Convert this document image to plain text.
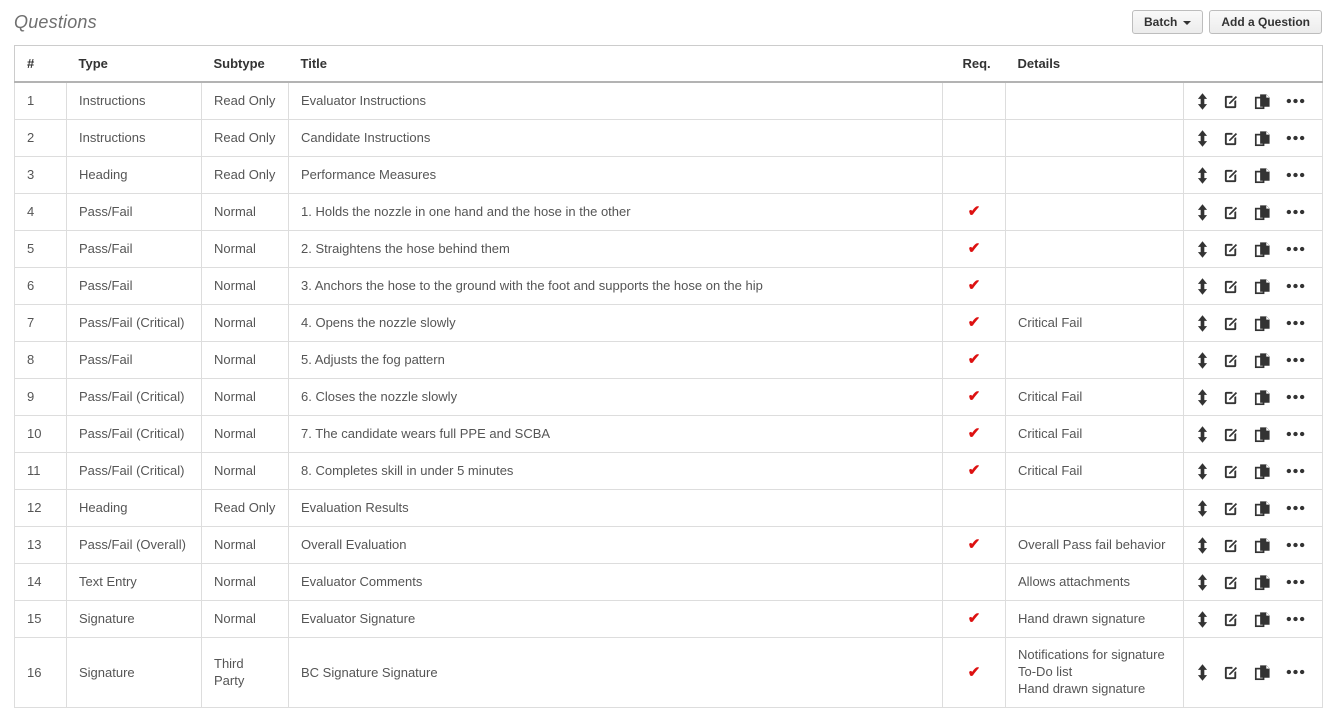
Questions	Batch	Add a Question
#	Type	Subtype	Title	Req.	Details	
1	Instructions	Read Only	Evaluator Instructions			

2	Instructions	Read Only	Candidate Instructions			

3	Heading	Read Only	Performance Measures			

4	Pass/Fail	Normal	1. Holds the nozzle in one hand and the hose in the other	✔		

5	Pass/Fail	Normal	2. Straightens the hose behind them	✔		

6	Pass/Fail	Normal	3. Anchors the hose to the ground with the foot and supports the hose on the hip	✔		

7	Pass/Fail (Critical)	Normal	4. Opens the nozzle slowly	✔	Critical Fail

8	Pass/Fail	Normal	5. Adjusts the fog pattern	✔		

9	Pass/Fail (Critical)	Normal	6. Closes the nozzle slowly	✔	Critical Fail

10	Pass/Fail (Critical)	Normal	7. The candidate wears full PPE and SCBA	✔	Critical Fail

11	Pass/Fail (Critical)	Normal	8. Completes skill in under 5 minutes	✔	Critical Fail

12	Heading	Read Only	Evaluation Results			

13	Pass/Fail (Overall)	Normal	Overall Evaluation	✔	Overall Pass fail behavior

14	Text Entry	Normal	Evaluator Comments		Allows attachments

15	Signature	Normal	Evaluator Signature	✔	Hand drawn signature

16	Signature	Third Party	BC Signature Signature	✔	Notifications for signature
To-Do list
Hand drawn signature
